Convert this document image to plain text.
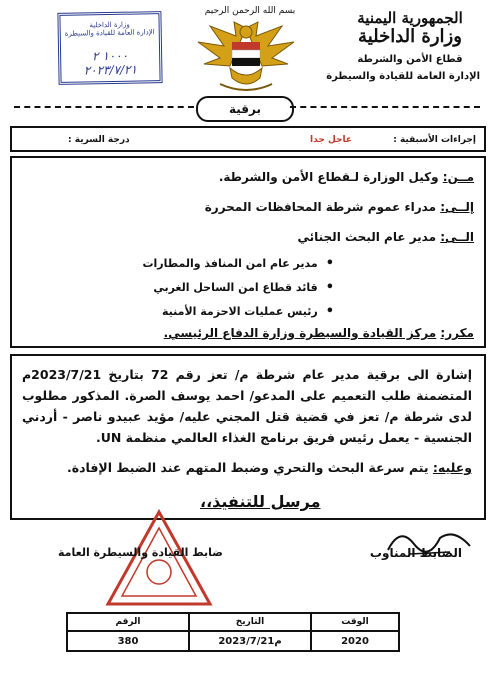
الجمهورية اليمنية
وزارة الداخلية
قطاع الأمن والشرطة
الإدارة العامة للقيادة والسيطرة
بسم الله الرحمن الرحيم
وزارة الداخلية
الإدارة العامة للقيادة والسيطرة
١٠٠٠ ٢
٢٠٢٣/٧/٢١
برقية
إجراءات الأسبقية :
عاجل جدا
درجة السرية :
مــن: وكيل الوزارة لـقطاع الأمن والشرطة.
إلــى: مدراء عموم شرطة المحافظات المحررة
الــى: مدير عام البحث الجنائي
• مدير عام امن المنافذ والمطارات
• قائد قطاع امن الساحل الغربي
• رئيس عمليات الاحزمة الأمنية
مكرر: مركز القيادة والسيطرة وزارة الدفاع الرئيسي.
إشارة الى برقية مدير عام شرطة م/ تعز رقم 72 بتاريخ 2023/7/21م المتضمنة طلب التعميم على المدعو/ احمد يوسف الصرة. المذكور مطلوب لدى شرطة م/ تعز في قضية قتل المجني عليه/ مؤيد عبيدو ناصر - أردني الجنسية - يعمل رئيس فريق برنامج الغذاء العالمي منظمة UN.
وعليه: يتم سرعة البحث والتحري وضبط المتهم عند الضبط الإفادة.
مرسل للتنفيذ،،
الضابط المناوب
ضابط القيادة والسيطرة العامة
الرقم	التاريخ	الوقت
380	2023/7/21م	2020
